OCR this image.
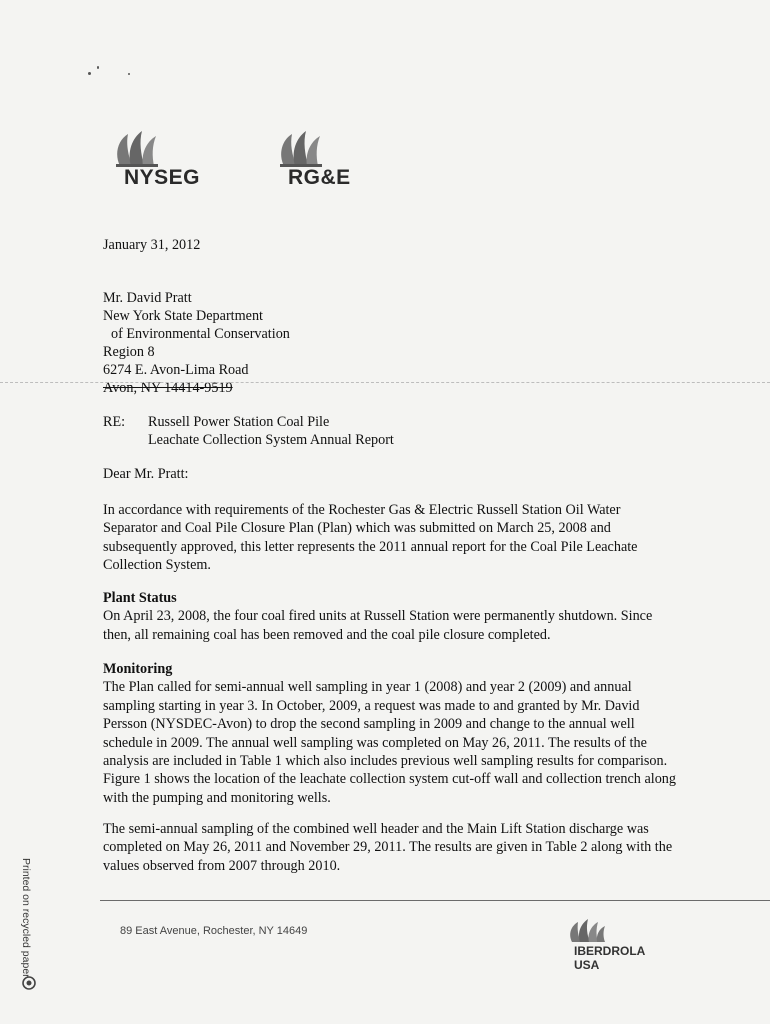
NYSEG	RG&E
January 31, 2012
Mr. David Pratt
New York State Department
of Environmental Conservation
Region 8
6274 E. Avon-Lima Road
Avon, NY 14414-9519
RE: Russell Power Station Coal Pile
Leachate Collection System Annual Report
Dear Mr. Pratt:

In accordance with requirements of the Rochester Gas & Electric Russell Station Oil Water Separator and Coal Pile Closure Plan (Plan) which was submitted on March 25, 2008 and subsequently approved, this letter represents the 2011 annual report for the Coal Pile Leachate Collection System.

Plant Status

On April 23, 2008, the four coal fired units at Russell Station were permanently shutdown. Since then, all remaining coal has been removed and the coal pile closure completed.

Monitoring

The Plan called for semi-annual well sampling in year 1 (2008) and year 2 (2009) and annual sampling starting in year 3. In October, 2009, a request was made to and granted by Mr. David Persson (NYSDEC-Avon) to drop the second sampling in 2009 and change to the annual well schedule in 2009. The annual well sampling was completed on May 26, 2011. The results of the analysis are included in Table 1 which also includes previous well sampling results for comparison. Figure 1 shows the location of the leachate collection system cut-off wall and collection trench along with the pumping and monitoring wells.

The semi-annual sampling of the combined well header and the Main Lift Station discharge was completed on May 26, 2011 and November 29, 2011. The results are given in Table 2 along with the values observed from 2007 through 2010.

89 East Avenue, Rochester, NY 14649
Printed on recycled paper	IBERDROLA
USA
